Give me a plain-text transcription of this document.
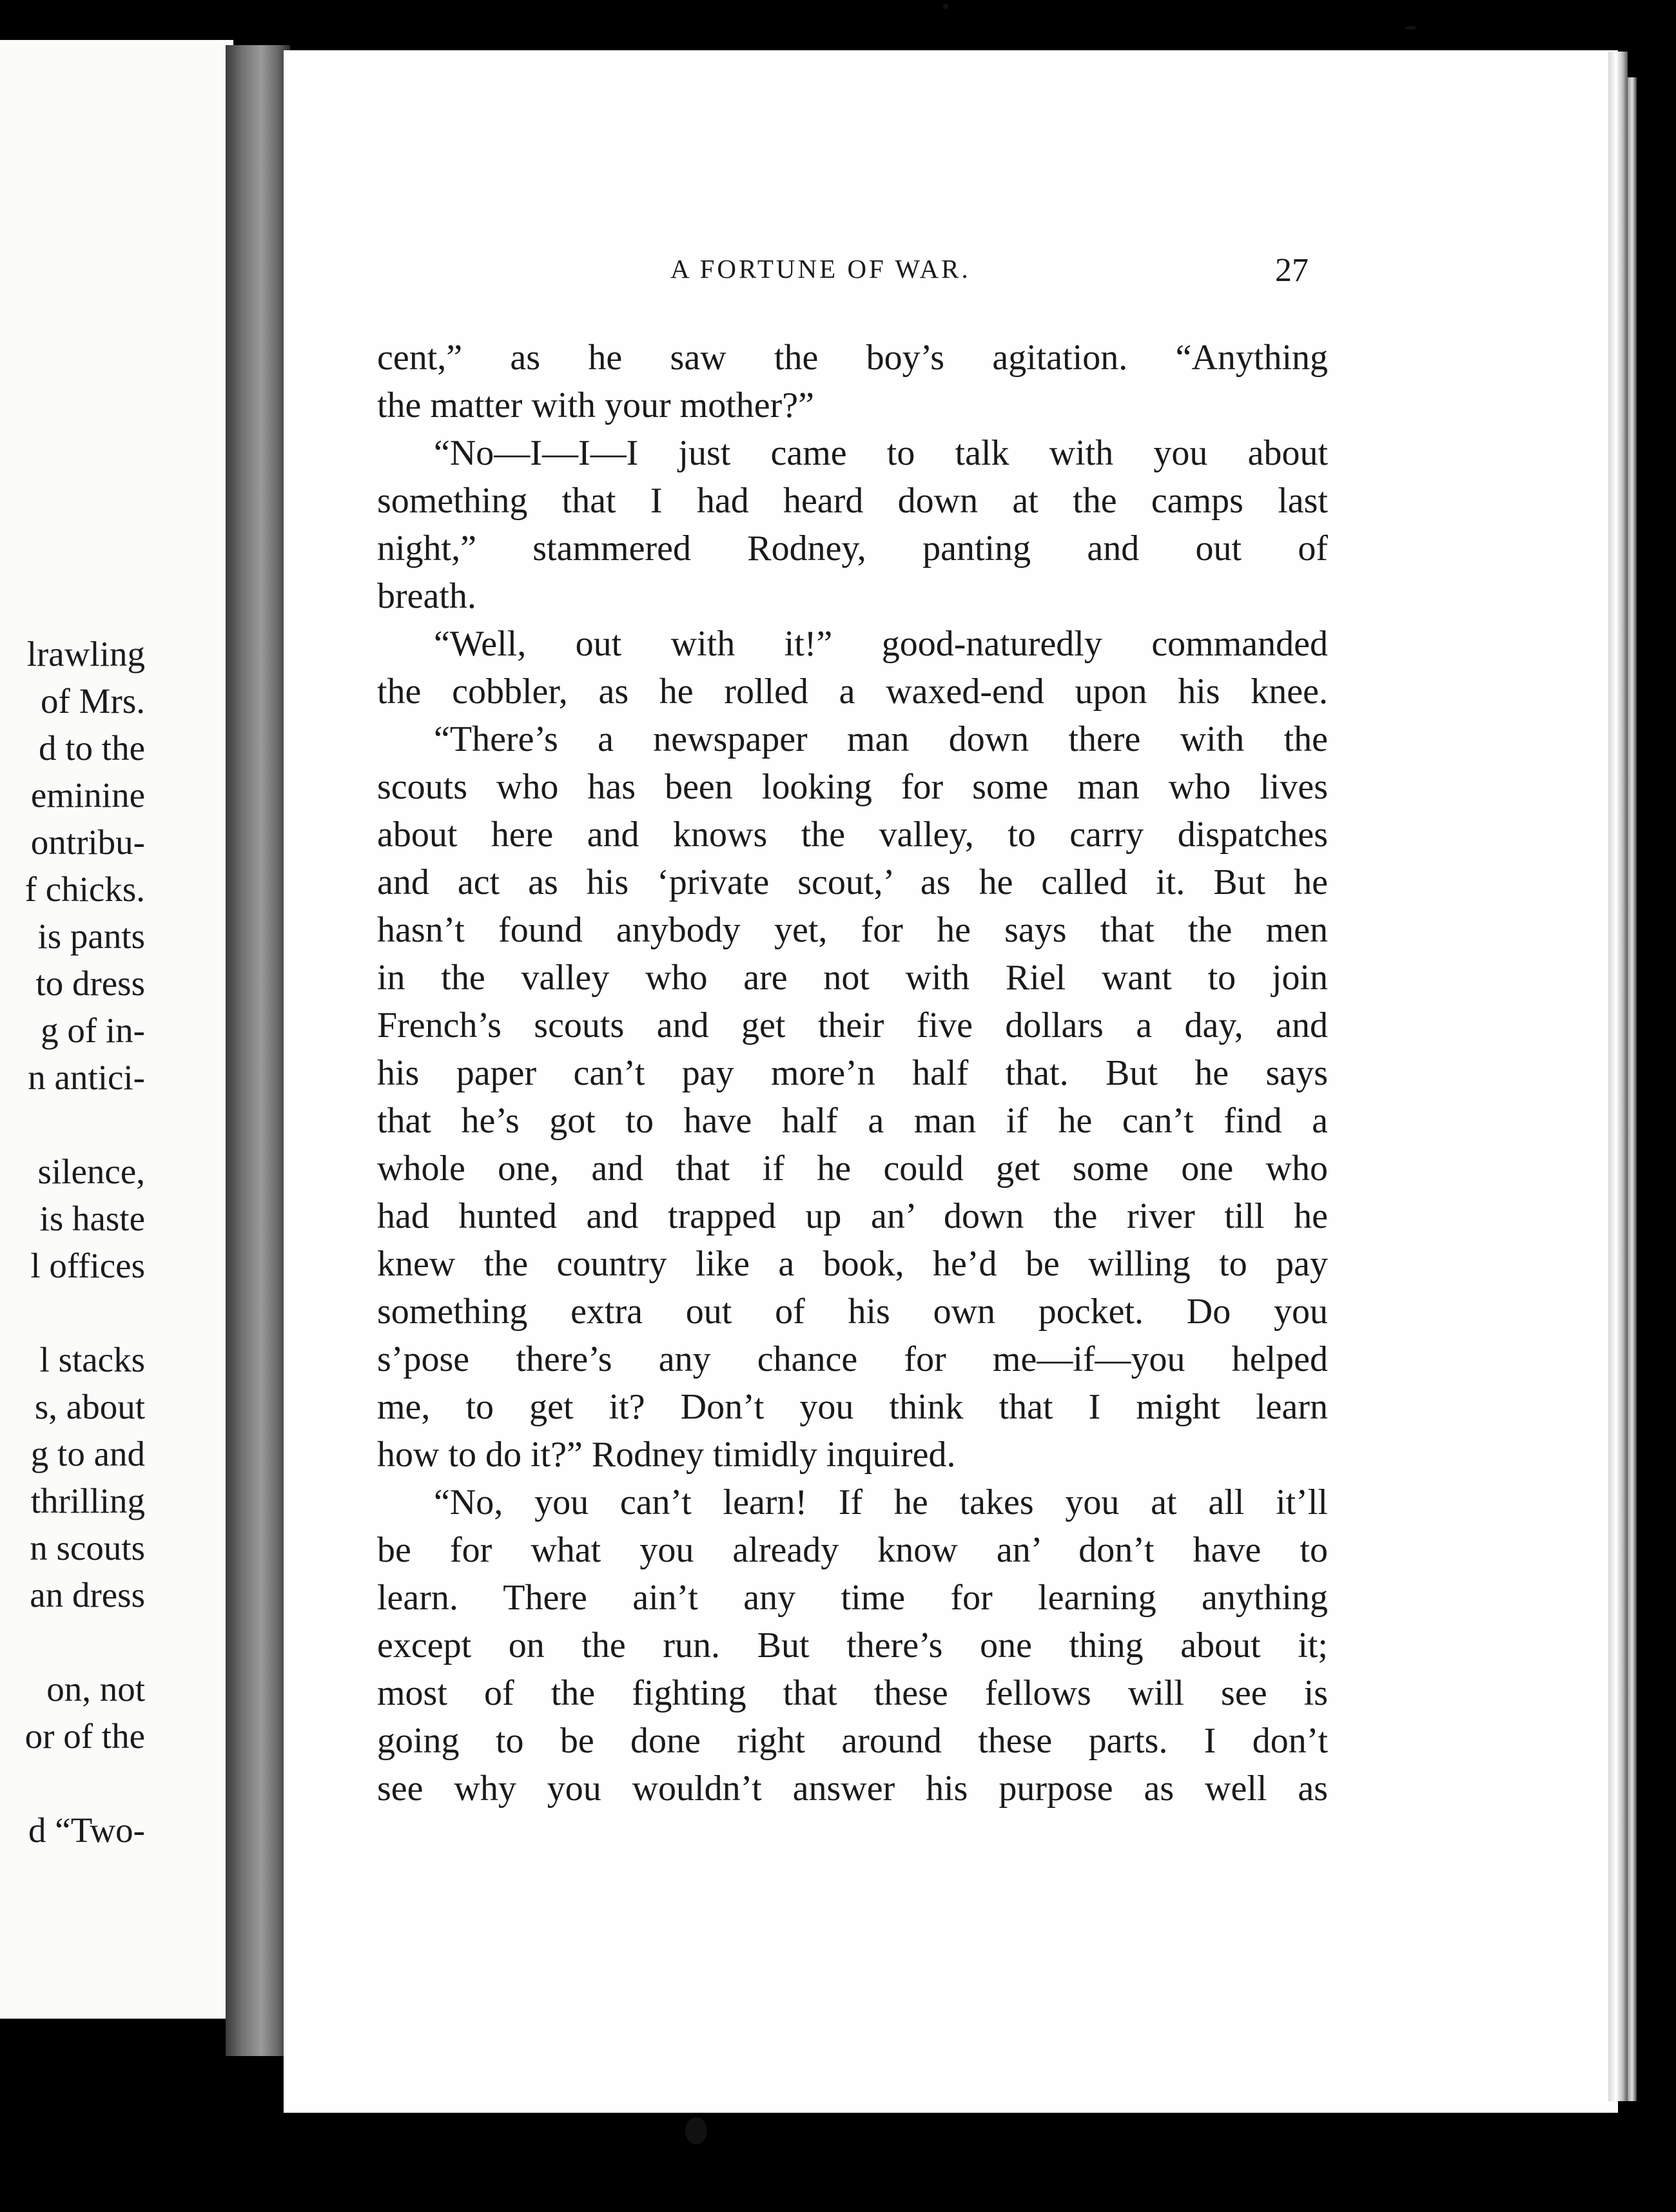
lrawling
of Mrs.
d to the
eminine
ontribu-
f chicks.
is pants
to dress
g of in-
n antici-
silence,
is haste
l offices
l stacks
s, about
g to and
thrilling
n scouts
an dress
on, not
or of the
d “Two-
A FORTUNE OF WAR.	27
cent,” as he saw the boy’s agitation. “Anything
the matter with your mother?”
“No—I—I—I just came to talk with you about
something that I had heard down at the camps last
night,” stammered Rodney, panting and out of
breath.
“Well, out with it!” good-naturedly commanded
the cobbler, as he rolled a waxed-end upon his knee.
“There’s a newspaper man down there with the
scouts who has been looking for some man who lives
about here and knows the valley, to carry dispatches
and act as his ‘private scout,’ as he called it. But he
hasn’t found anybody yet, for he says that the men
in the valley who are not with Riel want to join
French’s scouts and get their five dollars a day, and
his paper can’t pay more’n half that. But he says
that he’s got to have half a man if he can’t find a
whole one, and that if he could get some one who
had hunted and trapped up an’ down the river till he
knew the country like a book, he’d be willing to pay
something extra out of his own pocket. Do you
s’pose there’s any chance for me—if—you helped
me, to get it? Don’t you think that I might learn
how to do it?” Rodney timidly inquired.
“No, you can’t learn! If he takes you at all it’ll
be for what you already know an’ don’t have to
learn. There ain’t any time for learning anything
except on the run. But there’s one thing about it;
most of the fighting that these fellows will see is
going to be done right around these parts. I don’t
see why you wouldn’t answer his purpose as well as
